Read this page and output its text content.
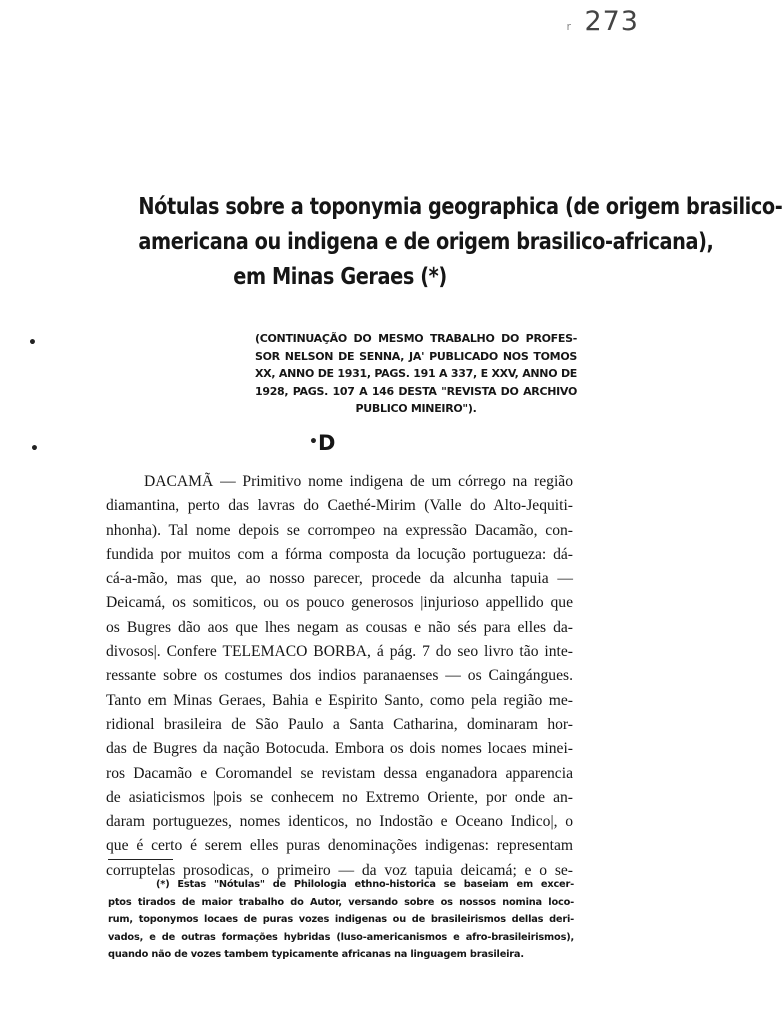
r 273
Nótulas sobre a toponymia geographica (de origem brasilico-
americana ou indigena e de origem brasilico-africana),
em Minas Geraes (*)
(CONTINUAÇÃO DO MESMO TRABALHO DO PROFES- SOR NELSON DE SENNA, JA' PUBLICADO NOS TOMOS XX, ANNO DE 1931, PAGS. 191 A 337, E XXV, ANNO DE 1928, PAGS. 107 A 146 DESTA "REVISTA DO ARCHIVO PUBLICO MINEIRO").
•
•	• D
DACAMÃ — Primitivo nome indigena de um córrego na região
diamantina, perto das lavras do Caethé-Mirim (Valle do Alto-Jequiti-
nhonha). Tal nome depois se corrompeo na expressão Dacamão, con-
fundida por muitos com a fórma composta da locução portugueza: dá-
cá-a-mão, mas que, ao nosso parecer, procede da alcunha tapuia —
Deicamá, os somiticos, ou os pouco generosos |injurioso appellido que
os Bugres dão aos que lhes negam as cousas e não sés para elles da-
divosos|. Confere TELEMACO BORBA, á pág. 7 do seo livro tão inte-
ressante sobre os costumes dos indios paranaenses — os Caingángues.
Tanto em Minas Geraes, Bahia e Espirito Santo, como pela região me-
ridional brasileira de São Paulo a Santa Catharina, dominaram hor-
das de Bugres da nação Botocuda. Embora os dois nomes locaes minei-
ros Dacamão e Coromandel se revistam dessa enganadora apparencia
de asiaticismos |pois se conhecem no Extremo Oriente, por onde an-
daram portuguezes, nomes identicos, no Indostão e Oceano Indico|, o
que é certo é serem elles puras denominações indigenas: representam
corruptelas prosodicas, o primeiro — da voz tapuia deicamá; e o se-
(*) Estas "Nótulas" de Philologia ethno-historica se baseiam em excer-
ptos tirados de maior trabalho do Autor, versando sobre os nossos nomina loco-
rum, toponymos locaes de puras vozes indigenas ou de brasileirismos dellas deri-
vados, e de outras formações hybridas (luso-americanismos e afro-brasileirismos),
quando não de vozes tambem typicamente africanas na linguagem brasileira.
